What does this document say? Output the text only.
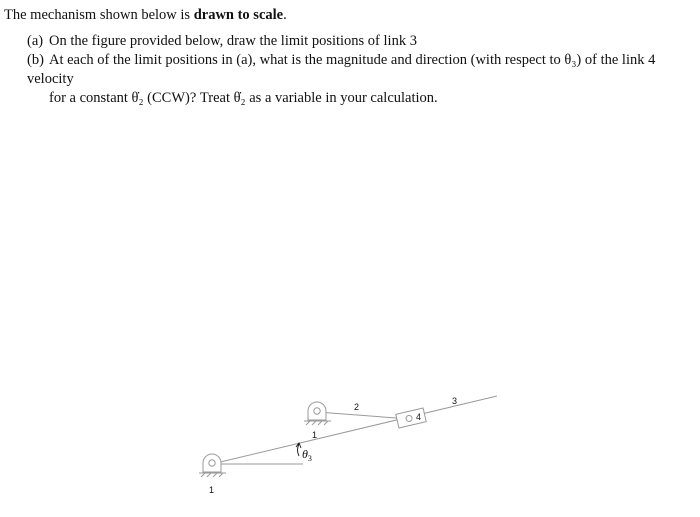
The mechanism shown below is drawn to scale.
(a) On the figure provided below, draw the limit positions of link 3
(b) At each of the limit positions in (a), what is the magnitude and direction (with respect to θ₃) of the link 4 velocity
for a constant θ̇₂ (CCW)? Treat θ̇₂ as a variable in your calculation.
1
1
2
3
4
$\theta_3$
